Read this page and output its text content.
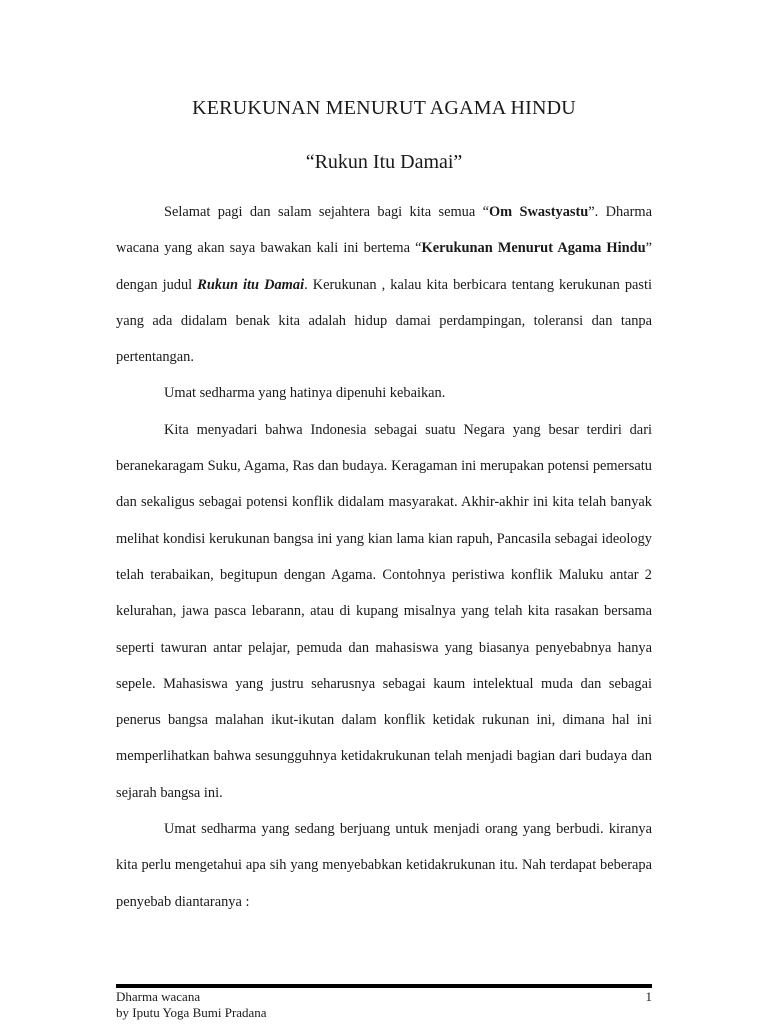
KERUKUNAN MENURUT AGAMA HINDU
“Rukun Itu Damai”

Selamat pagi dan salam sejahtera bagi kita semua “Om Swastyastu”. Dharma wacana yang akan saya bawakan kali ini bertema “Kerukunan Menurut Agama Hindu” dengan judul Rukun itu Damai. Kerukunan , kalau kita berbicara tentang kerukunan pasti yang ada didalam benak kita adalah hidup damai perdampingan, toleransi dan tanpa pertentangan.

Umat sedharma yang hatinya dipenuhi kebaikan.

Kita menyadari bahwa Indonesia sebagai suatu Negara yang besar terdiri dari beranekaragam Suku, Agama, Ras dan budaya. Keragaman ini merupakan potensi pemersatu dan sekaligus sebagai potensi konflik didalam masyarakat. Akhir-akhir ini kita telah banyak melihat kondisi kerukunan bangsa ini yang kian lama kian rapuh, Pancasila sebagai ideology telah terabaikan, begitupun dengan Agama. Contohnya peristiwa konflik Maluku antar 2 kelurahan, jawa pasca lebarann, atau di kupang misalnya yang telah kita rasakan bersama seperti tawuran antar pelajar, pemuda dan mahasiswa yang biasanya penyebabnya hanya sepele. Mahasiswa yang justru seharusnya sebagai kaum intelektual muda dan sebagai penerus bangsa malahan ikut-ikutan dalam konflik ketidak rukunan ini, dimana hal ini memperlihatkan bahwa sesungguhnya ketidakrukunan telah menjadi bagian dari budaya dan sejarah bangsa ini.

Umat sedharma yang sedang berjuang untuk menjadi orang yang berbudi. kiranya kita perlu mengetahui apa sih yang menyebabkan ketidakrukunan itu. Nah terdapat beberapa penyebab diantaranya :

Dharma wacana	1
by Iputu Yoga Bumi Pradana
